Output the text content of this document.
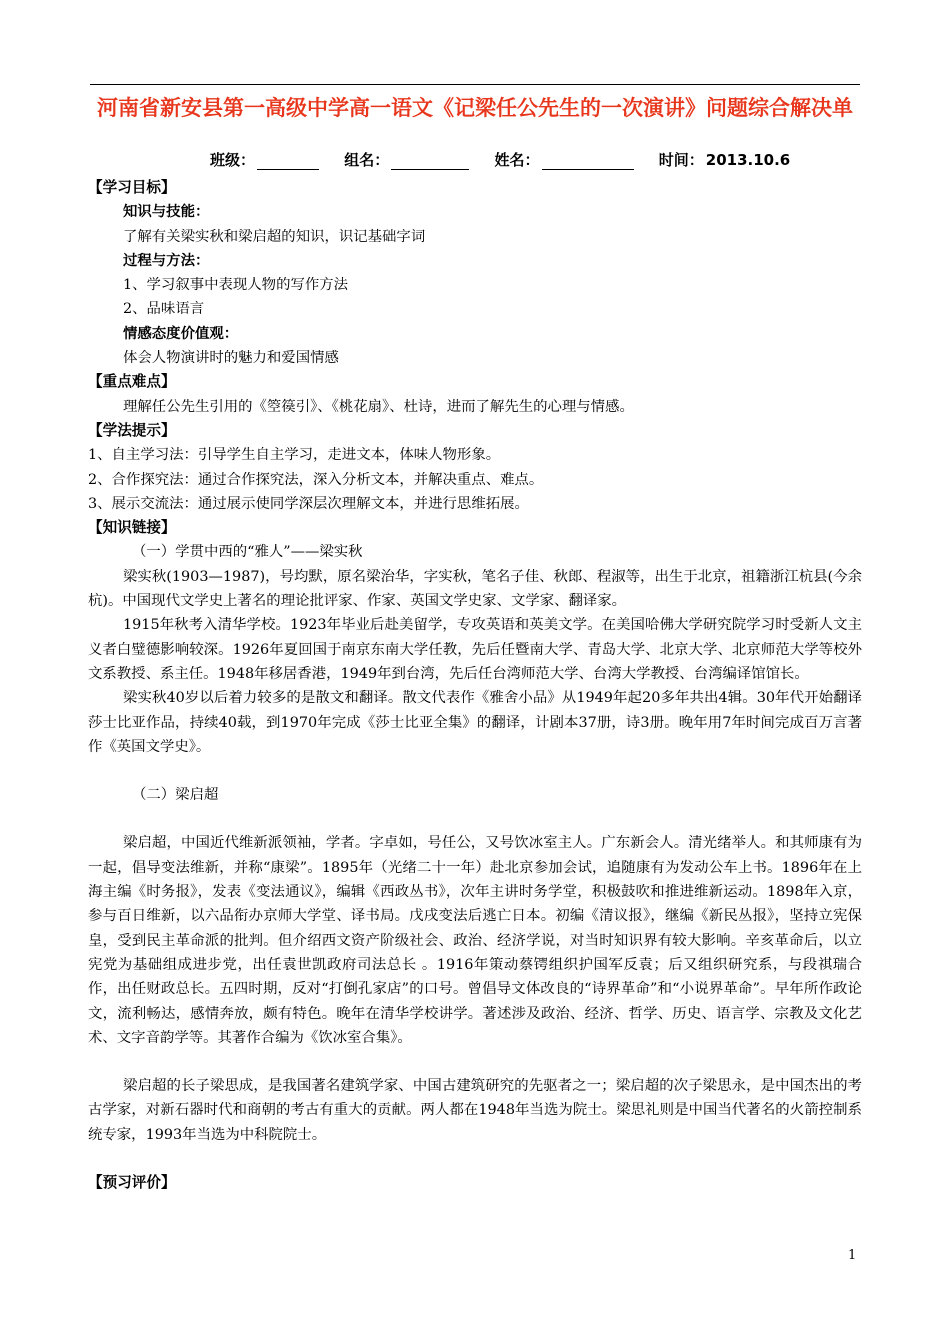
河南省新安县第一高级中学高一语文《记梁任公先生的一次演讲》问题综合解决单
班级：	组名：	姓名：	时间： 2013.10.6
【学习目标】
知识与技能：
了解有关梁实秋和梁启超的知识，识记基础字词
过程与方法：
1、学习叙事中表现人物的写作方法
2、品味语言
情感态度价值观：
体会人物演讲时的魅力和爱国情感
【重点难点】
理解任公先生引用的《箜篌引》、《桃花扇》、杜诗，进而了解先生的心理与情感。
【学法提示】
1、自主学习法：引导学生自主学习，走进文本，体味人物形象。
2、合作探究法：通过合作探究法，深入分析文本，并解决重点、难点。
3、展示交流法：通过展示使同学深层次理解文本，并进行思维拓展。
【知识链接】
（一）学贯中西的“雅人”——梁实秋
梁实秋(1903—1987)，号均默，原名梁治华，字实秋，笔名子佳、秋郎、程淑等，出生于北京，祖籍浙江杭县(今余杭)。中国现代文学史上著名的理论批评家、作家、英国文学史家、文学家、翻译家。
1915年秋考入清华学校。1923年毕业后赴美留学，专攻英语和英美文学。在美国哈佛大学研究院学习时受新人文主义者白璧德影响较深。1926年夏回国于南京东南大学任教，先后任暨南大学、青岛大学、北京大学、北京师范大学等校外文系教授、系主任。1948年移居香港，1949年到台湾，先后任台湾师范大学、台湾大学教授、台湾编译馆馆长。
梁实秋40岁以后着力较多的是散文和翻译。散文代表作《雅舍小品》从1949年起20多年共出4辑。30年代开始翻译莎士比亚作品，持续40载，到1970年完成《莎士比亚全集》的翻译，计剧本37册，诗3册。晚年用7年时间完成百万言著作《英国文学史》。
（二）梁启超
梁启超，中国近代维新派领袖，学者。字卓如，号任公，又号饮冰室主人。广东新会人。清光绪举人。和其师康有为一起，倡导变法维新，并称“康梁”。1895年（光绪二十一年）赴北京参加会试，追随康有为发动公车上书。1896年在上海主编《时务报》，发表《变法通议》，编辑《西政丛书》，次年主讲时务学堂，积极鼓吹和推进维新运动。1898年入京，参与百日维新，以六品衔办京师大学堂、译书局。戊戌变法后逃亡日本。初编《清议报》，继编《新民丛报》，坚持立宪保皇，受到民主革命派的批判。但介绍西文资产阶级社会、政治、经济学说，对当时知识界有较大影响。辛亥革命后，以立宪党为基础组成进步党，出任袁世凯政府司法总长 。1916年策动蔡锷组织护国军反袁；后又组织研究系，与段祺瑞合作，出任财政总长。五四时期，反对“打倒孔家店”的口号。曾倡导文体改良的“诗界革命”和“小说界革命”。早年所作政论文，流利畅达，感情奔放，颇有特色。晚年在清华学校讲学。著述涉及政治、经济、哲学、历史、语言学、宗教及文化艺术、文字音韵学等。其著作合编为《饮冰室合集》。
梁启超的长子梁思成，是我国著名建筑学家、中国古建筑研究的先驱者之一；梁启超的次子梁思永，是中国杰出的考古学家，对新石器时代和商朝的考古有重大的贡献。两人都在1948年当选为院士。梁思礼则是中国当代著名的火箭控制系统专家，1993年当选为中科院院士。
【预习评价】
1
